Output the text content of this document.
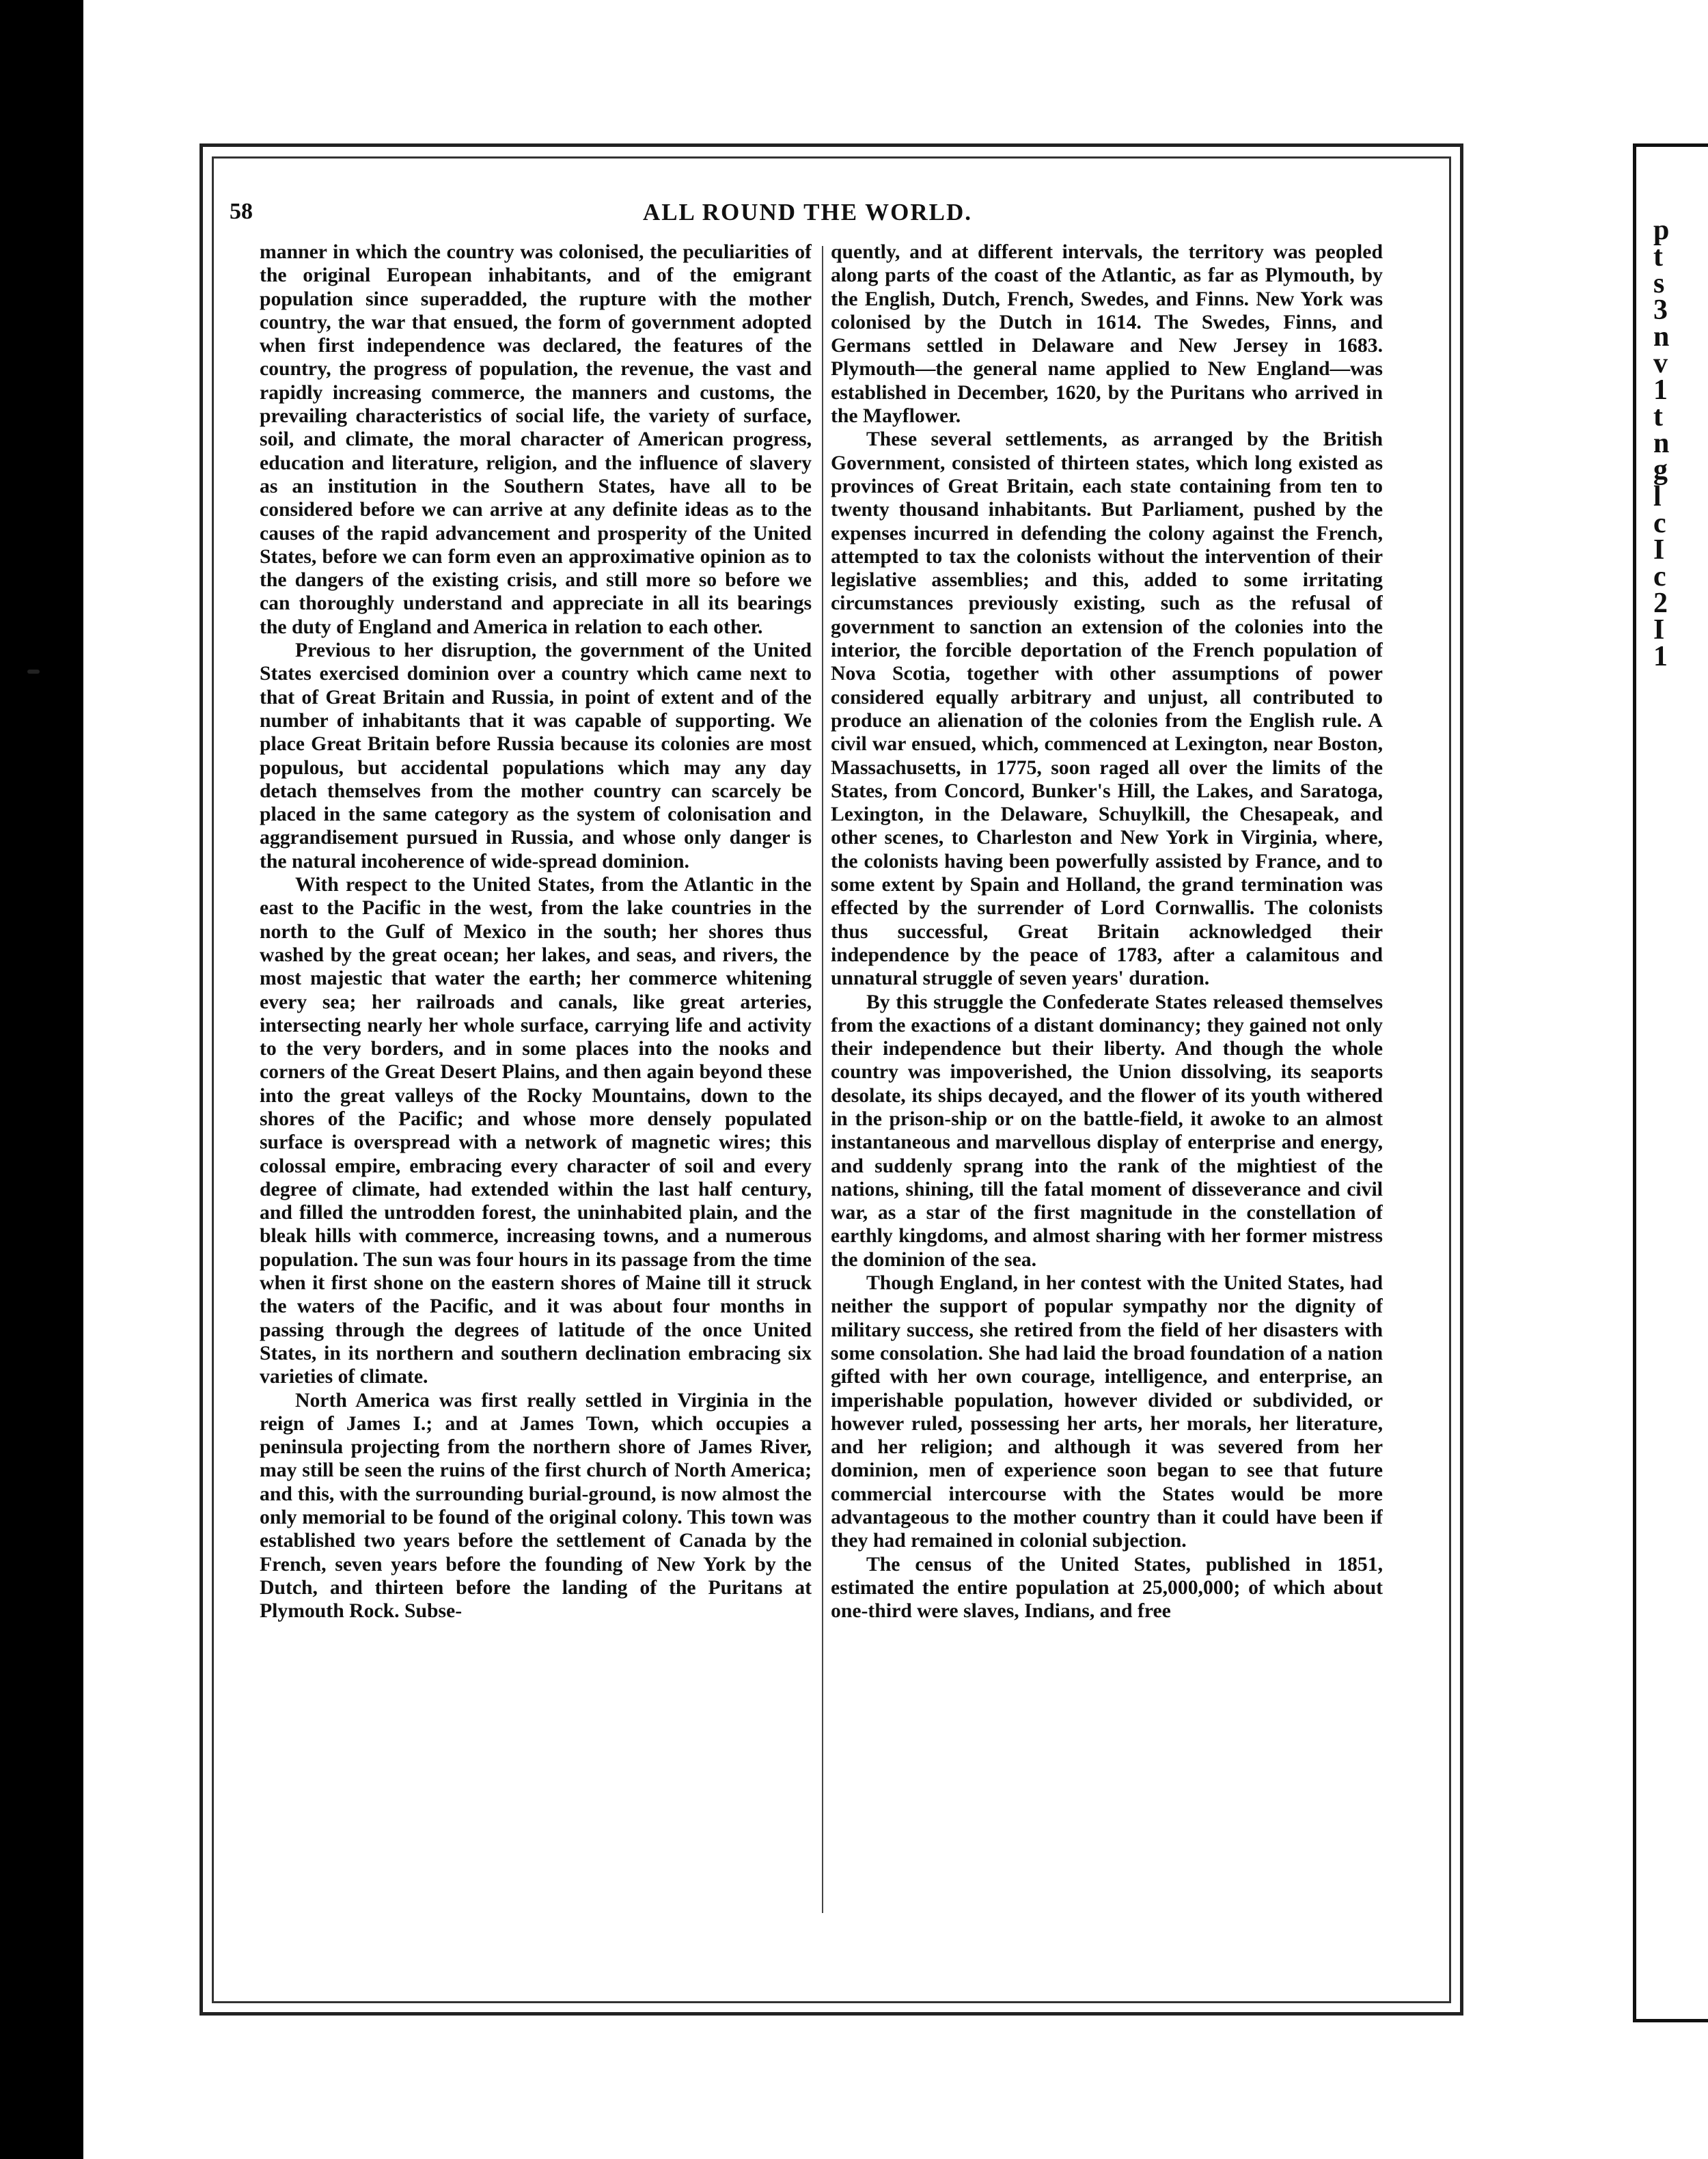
p
t
s
3
n
v
1
t
n
g
l
c
I
c
2
I
1
58	ALL ROUND THE WORLD.

manner in which the country was colonised, the peculiarities of the original European inhabitants, and of the emigrant population since superadded, the rupture with the mother country, the war that ensued, the form of government adopted when first independence was declared, the features of the country, the progress of population, the revenue, the vast and rapidly increasing commerce, the manners and customs, the prevailing characteristics of social life, the variety of surface, soil, and climate, the moral character of American progress, education and literature, religion, and the influence of slavery as an institution in the Southern States, have all to be considered before we can arrive at any definite ideas as to the causes of the rapid advancement and prosperity of the United States, before we can form even an approximative opinion as to the dangers of the existing crisis, and still more so before we can thoroughly understand and appreciate in all its bearings the duty of England and America in relation to each other.

Previous to her disruption, the government of the United States exercised dominion over a country which came next to that of Great Britain and Russia, in point of extent and of the number of inhabitants that it was capable of supporting. We place Great Britain before Russia because its colonies are most populous, but accidental populations which may any day detach themselves from the mother country can scarcely be placed in the same category as the system of colonisation and aggrandisement pursued in Russia, and whose only danger is the natural incoherence of wide-spread dominion.

With respect to the United States, from the Atlantic in the east to the Pacific in the west, from the lake countries in the north to the Gulf of Mexico in the south; her shores thus washed by the great ocean; her lakes, and seas, and rivers, the most majestic that water the earth; her commerce whitening every sea; her railroads and canals, like great arteries, intersecting nearly her whole surface, carrying life and activity to the very borders, and in some places into the nooks and corners of the Great Desert Plains, and then again beyond these into the great valleys of the Rocky Mountains, down to the shores of the Pacific; and whose more densely populated surface is overspread with a network of magnetic wires; this colossal empire, embracing every character of soil and every degree of climate, had extended within the last half century, and filled the untrodden forest, the uninhabited plain, and the bleak hills with commerce, increasing towns, and a numerous population. The sun was four hours in its passage from the time when it first shone on the eastern shores of Maine till it struck the waters of the Pacific, and it was about four months in passing through the degrees of latitude of the once United States, in its northern and southern declination embracing six varieties of climate.

North America was first really settled in Virginia in the reign of James I.; and at James Town, which occupies a peninsula projecting from the northern shore of James River, may still be seen the ruins of the first church of North America; and this, with the surrounding burial-ground, is now almost the only memorial to be found of the original colony. This town was established two years before the settlement of Canada by the French, seven years before the founding of New York by the Dutch, and thirteen before the landing of the Puritans at Plymouth Rock. Subse-

quently, and at different intervals, the territory was peopled along parts of the coast of the Atlantic, as far as Plymouth, by the English, Dutch, French, Swedes, and Finns. New York was colonised by the Dutch in 1614. The Swedes, Finns, and Germans settled in Delaware and New Jersey in 1683. Plymouth—the general name applied to New England—was established in December, 1620, by the Puritans who arrived in the Mayflower.

These several settlements, as arranged by the British Government, consisted of thirteen states, which long existed as provinces of Great Britain, each state containing from ten to twenty thousand inhabitants. But Parliament, pushed by the expenses incurred in defending the colony against the French, attempted to tax the colonists without the intervention of their legislative assemblies; and this, added to some irritating circumstances previously existing, such as the refusal of government to sanction an extension of the colonies into the interior, the forcible deportation of the French population of Nova Scotia, together with other assumptions of power considered equally arbitrary and unjust, all contributed to produce an alienation of the colonies from the English rule. A civil war ensued, which, commenced at Lexington, near Boston, Massachusetts, in 1775, soon raged all over the limits of the States, from Concord, Bunker's Hill, the Lakes, and Saratoga, Lexington, in the Delaware, Schuylkill, the Chesapeak, and other scenes, to Charleston and New York in Virginia, where, the colonists having been powerfully assisted by France, and to some extent by Spain and Holland, the grand termination was effected by the surrender of Lord Cornwallis. The colonists thus successful, Great Britain acknowledged their independence by the peace of 1783, after a calamitous and unnatural struggle of seven years' duration.

By this struggle the Confederate States released themselves from the exactions of a distant dominancy; they gained not only their independence but their liberty. And though the whole country was impoverished, the Union dissolving, its seaports desolate, its ships decayed, and the flower of its youth withered in the prison-ship or on the battle-field, it awoke to an almost instantaneous and marvellous display of enterprise and energy, and suddenly sprang into the rank of the mightiest of the nations, shining, till the fatal moment of disseverance and civil war, as a star of the first magnitude in the constellation of earthly kingdoms, and almost sharing with her former mistress the dominion of the sea.

Though England, in her contest with the United States, had neither the support of popular sympathy nor the dignity of military success, she retired from the field of her disasters with some consolation. She had laid the broad foundation of a nation gifted with her own courage, intelligence, and enterprise, an imperishable population, however divided or subdivided, or however ruled, possessing her arts, her morals, her literature, and her religion; and although it was severed from her dominion, men of experience soon began to see that future commercial intercourse with the States would be more advantageous to the mother country than it could have been if they had remained in colonial subjection.

The census of the United States, published in 1851, estimated the entire population at 25,000,000; of which about one-third were slaves, Indians, and free
